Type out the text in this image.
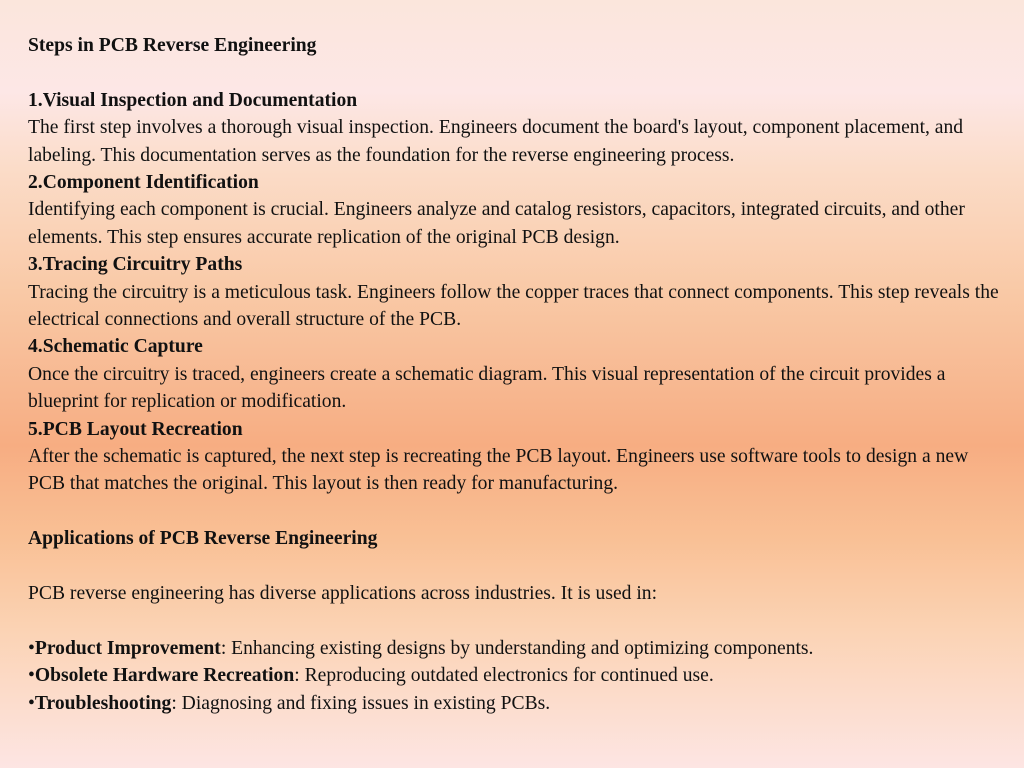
Steps in PCB Reverse Engineering
1.Visual Inspection and Documentation
The first step involves a thorough visual inspection. Engineers document the board's layout, component placement, and labeling. This documentation serves as the foundation for the reverse engineering process.
2.Component Identification
Identifying each component is crucial. Engineers analyze and catalog resistors, capacitors, integrated circuits, and other elements. This step ensures accurate replication of the original PCB design.
3.Tracing Circuitry Paths
Tracing the circuitry is a meticulous task. Engineers follow the copper traces that connect components. This step reveals the electrical connections and overall structure of the PCB.
4.Schematic Capture
Once the circuitry is traced, engineers create a schematic diagram. This visual representation of the circuit provides a blueprint for replication or modification.
5.PCB Layout Recreation
After the schematic is captured, the next step is recreating the PCB layout. Engineers use software tools to design a new PCB that matches the original. This layout is then ready for manufacturing.
Applications of PCB Reverse Engineering
PCB reverse engineering has diverse applications across industries. It is used in:
•Product Improvement: Enhancing existing designs by understanding and optimizing components.
•Obsolete Hardware Recreation: Reproducing outdated electronics for continued use.
•Troubleshooting: Diagnosing and fixing issues in existing PCBs.
